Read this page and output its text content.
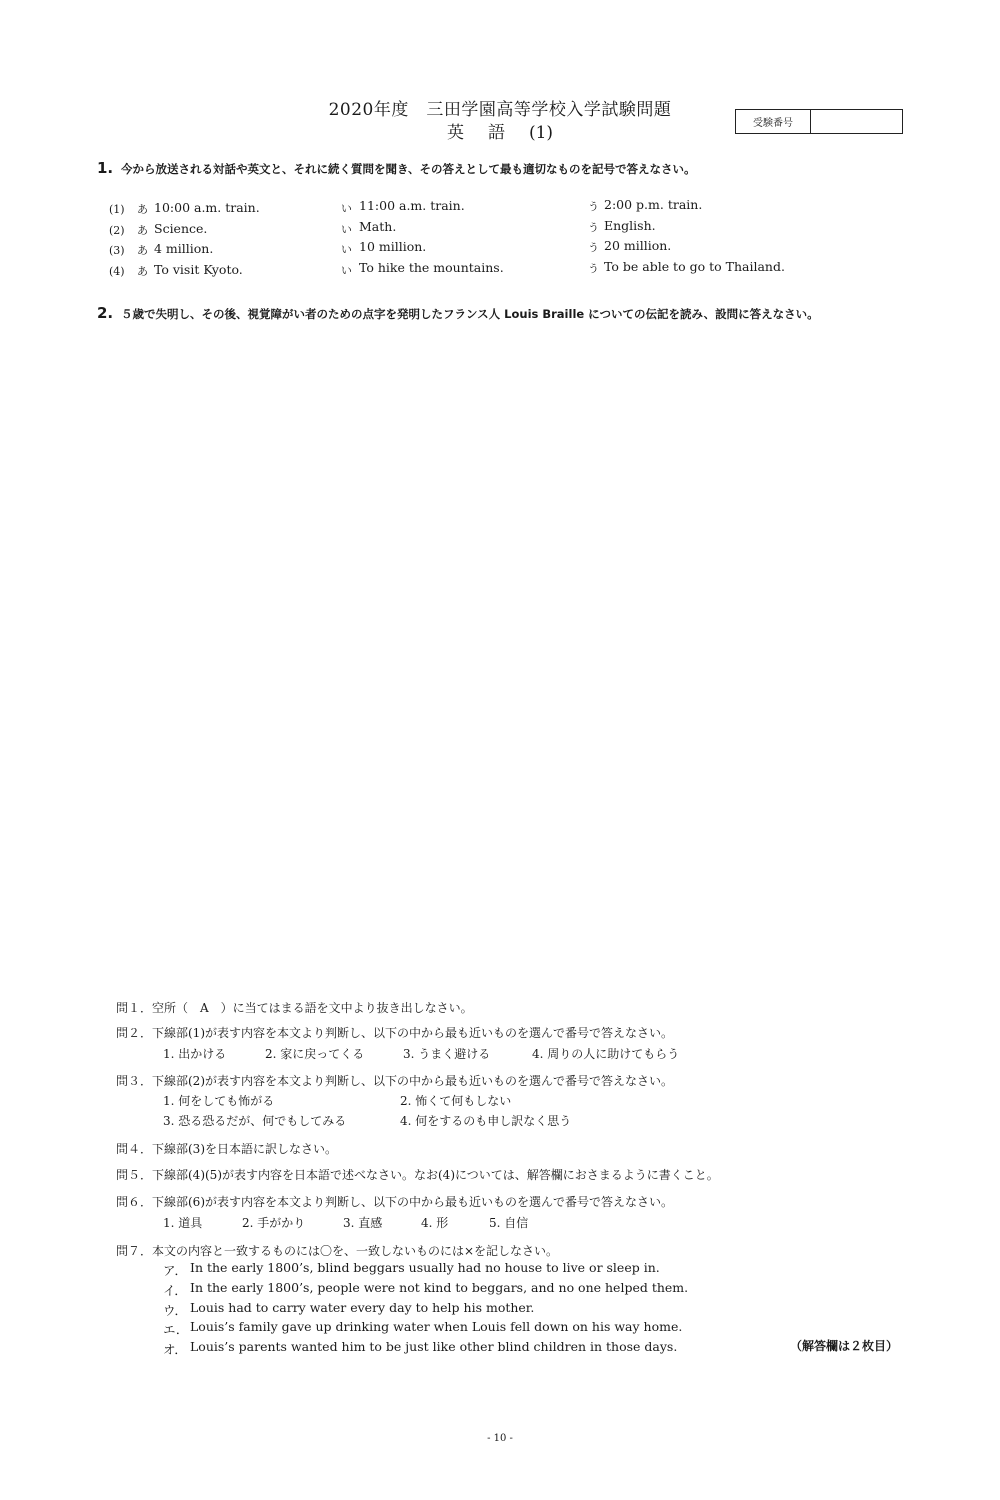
2020年度　三田学園高等学校入学試験問題
英 語 (1)	受験番号
1. 今から放送される対話や英文と、それに続く質問を聞き、その答えとして最も適切なものを記号で答えなさい。
(1) あ 10:00 a.m. train.	い 11:00 a.m. train.	う 2:00 p.m. train.
(2) あ Science.	い Math.	う English.
(3) あ 4 million.	い 10 million.	う 20 million.
(4) あ To visit Kyoto.	い To hike the mountains.	う To be able to go to Thailand.
2. ５歳で失明し、その後、視覚障がい者のための点字を発明したフランス人 Louis Braille についての伝記を読み、設問に答えなさい。
問１．空所（　A　）に当てはまる語を文中より抜き出しなさい。
問２．下線部(1)が表す内容を本文より判断し、以下の中から最も近いものを選んで番号で答えなさい。
1. 出かける	2. 家に戻ってくる	3. うまく避ける	4. 周りの人に助けてもらう
問３．下線部(2)が表す内容を本文より判断し、以下の中から最も近いものを選んで番号で答えなさい。
1. 何をしても怖がる	2. 怖くて何もしない
3. 恐る恐るだが、何でもしてみる	4. 何をするのも申し訳なく思う
問４．下線部(3)を日本語に訳しなさい。
問５．下線部(4)(5)が表す内容を日本語で述べなさい。なお(4)については、解答欄におさまるように書くこと。
問６．下線部(6)が表す内容を本文より判断し、以下の中から最も近いものを選んで番号で答えなさい。
1. 道具	2. 手がかり	3. 直感	4. 形	5. 自信
問７．本文の内容と一致するものには〇を、一致しないものには×を記しなさい。
ア． In the early 1800’s, blind beggars usually had no house to live or sleep in.
イ． In the early 1800’s, people were not kind to beggars, and no one helped them.
ウ． Louis had to carry water every day to help his mother.
エ． Louis’s family gave up drinking water when Louis fell down on his way home.
オ． Louis’s parents wanted him to be just like other blind children in those days.	（解答欄は２枚目）
- 10 -
